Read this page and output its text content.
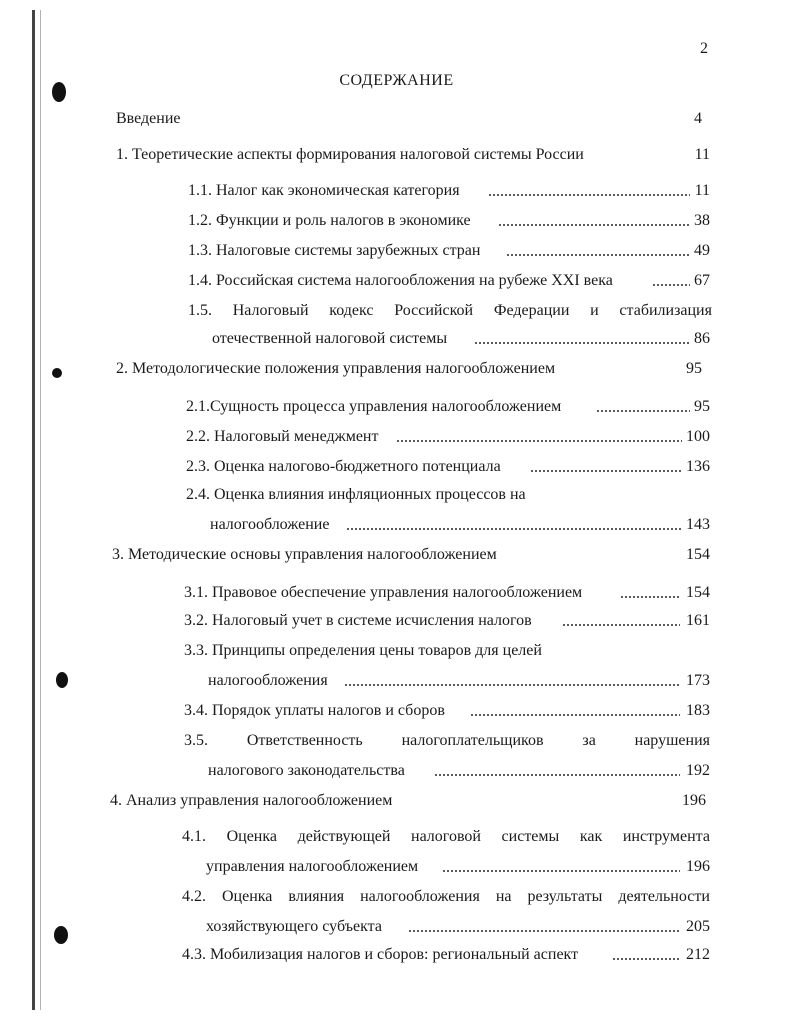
2
СОДЕРЖАНИЕ
Введение	4
1. Теоретические аспекты формирования налоговой системы России	11
1.1. Налог как экономическая категория	11
1.2. Функции и роль налогов в экономике	38
1.3. Налоговые системы зарубежных стран	49
1.4. Российская система налогообложения на рубеже XXI века	67
1.5. Налоговый кодекс Российской Федерации и стабилизация
отечественной налоговой системы	86
2. Методологические положения управления налогообложением	95
2.1.Сущность процесса управления налогообложением	95
2.2. Налоговый менеджмент	100
2.3. Оценка налогово-бюджетного потенциала	136
2.4. Оценка влияния инфляционных процессов на
налогообложение	143
3. Методические основы управления налогообложением	154
3.1. Правовое обеспечение управления налогообложением	154
3.2. Налоговый учет в системе исчисления налогов	161
3.3. Принципы определения цены товаров для целей
налогообложения	173
3.4. Порядок уплаты налогов и сборов	183
3.5. Ответственность налогоплательщиков за нарушения
налогового законодательства	192
4. Анализ управления налогообложением	196
4.1. Оценка действующей налоговой системы как инструмента
управления налогообложением	196
4.2. Оценка влияния налогообложения на результаты деятельности
хозяйствующего субъекта	205
4.3. Мобилизация налогов и сборов: региональный аспект	212
